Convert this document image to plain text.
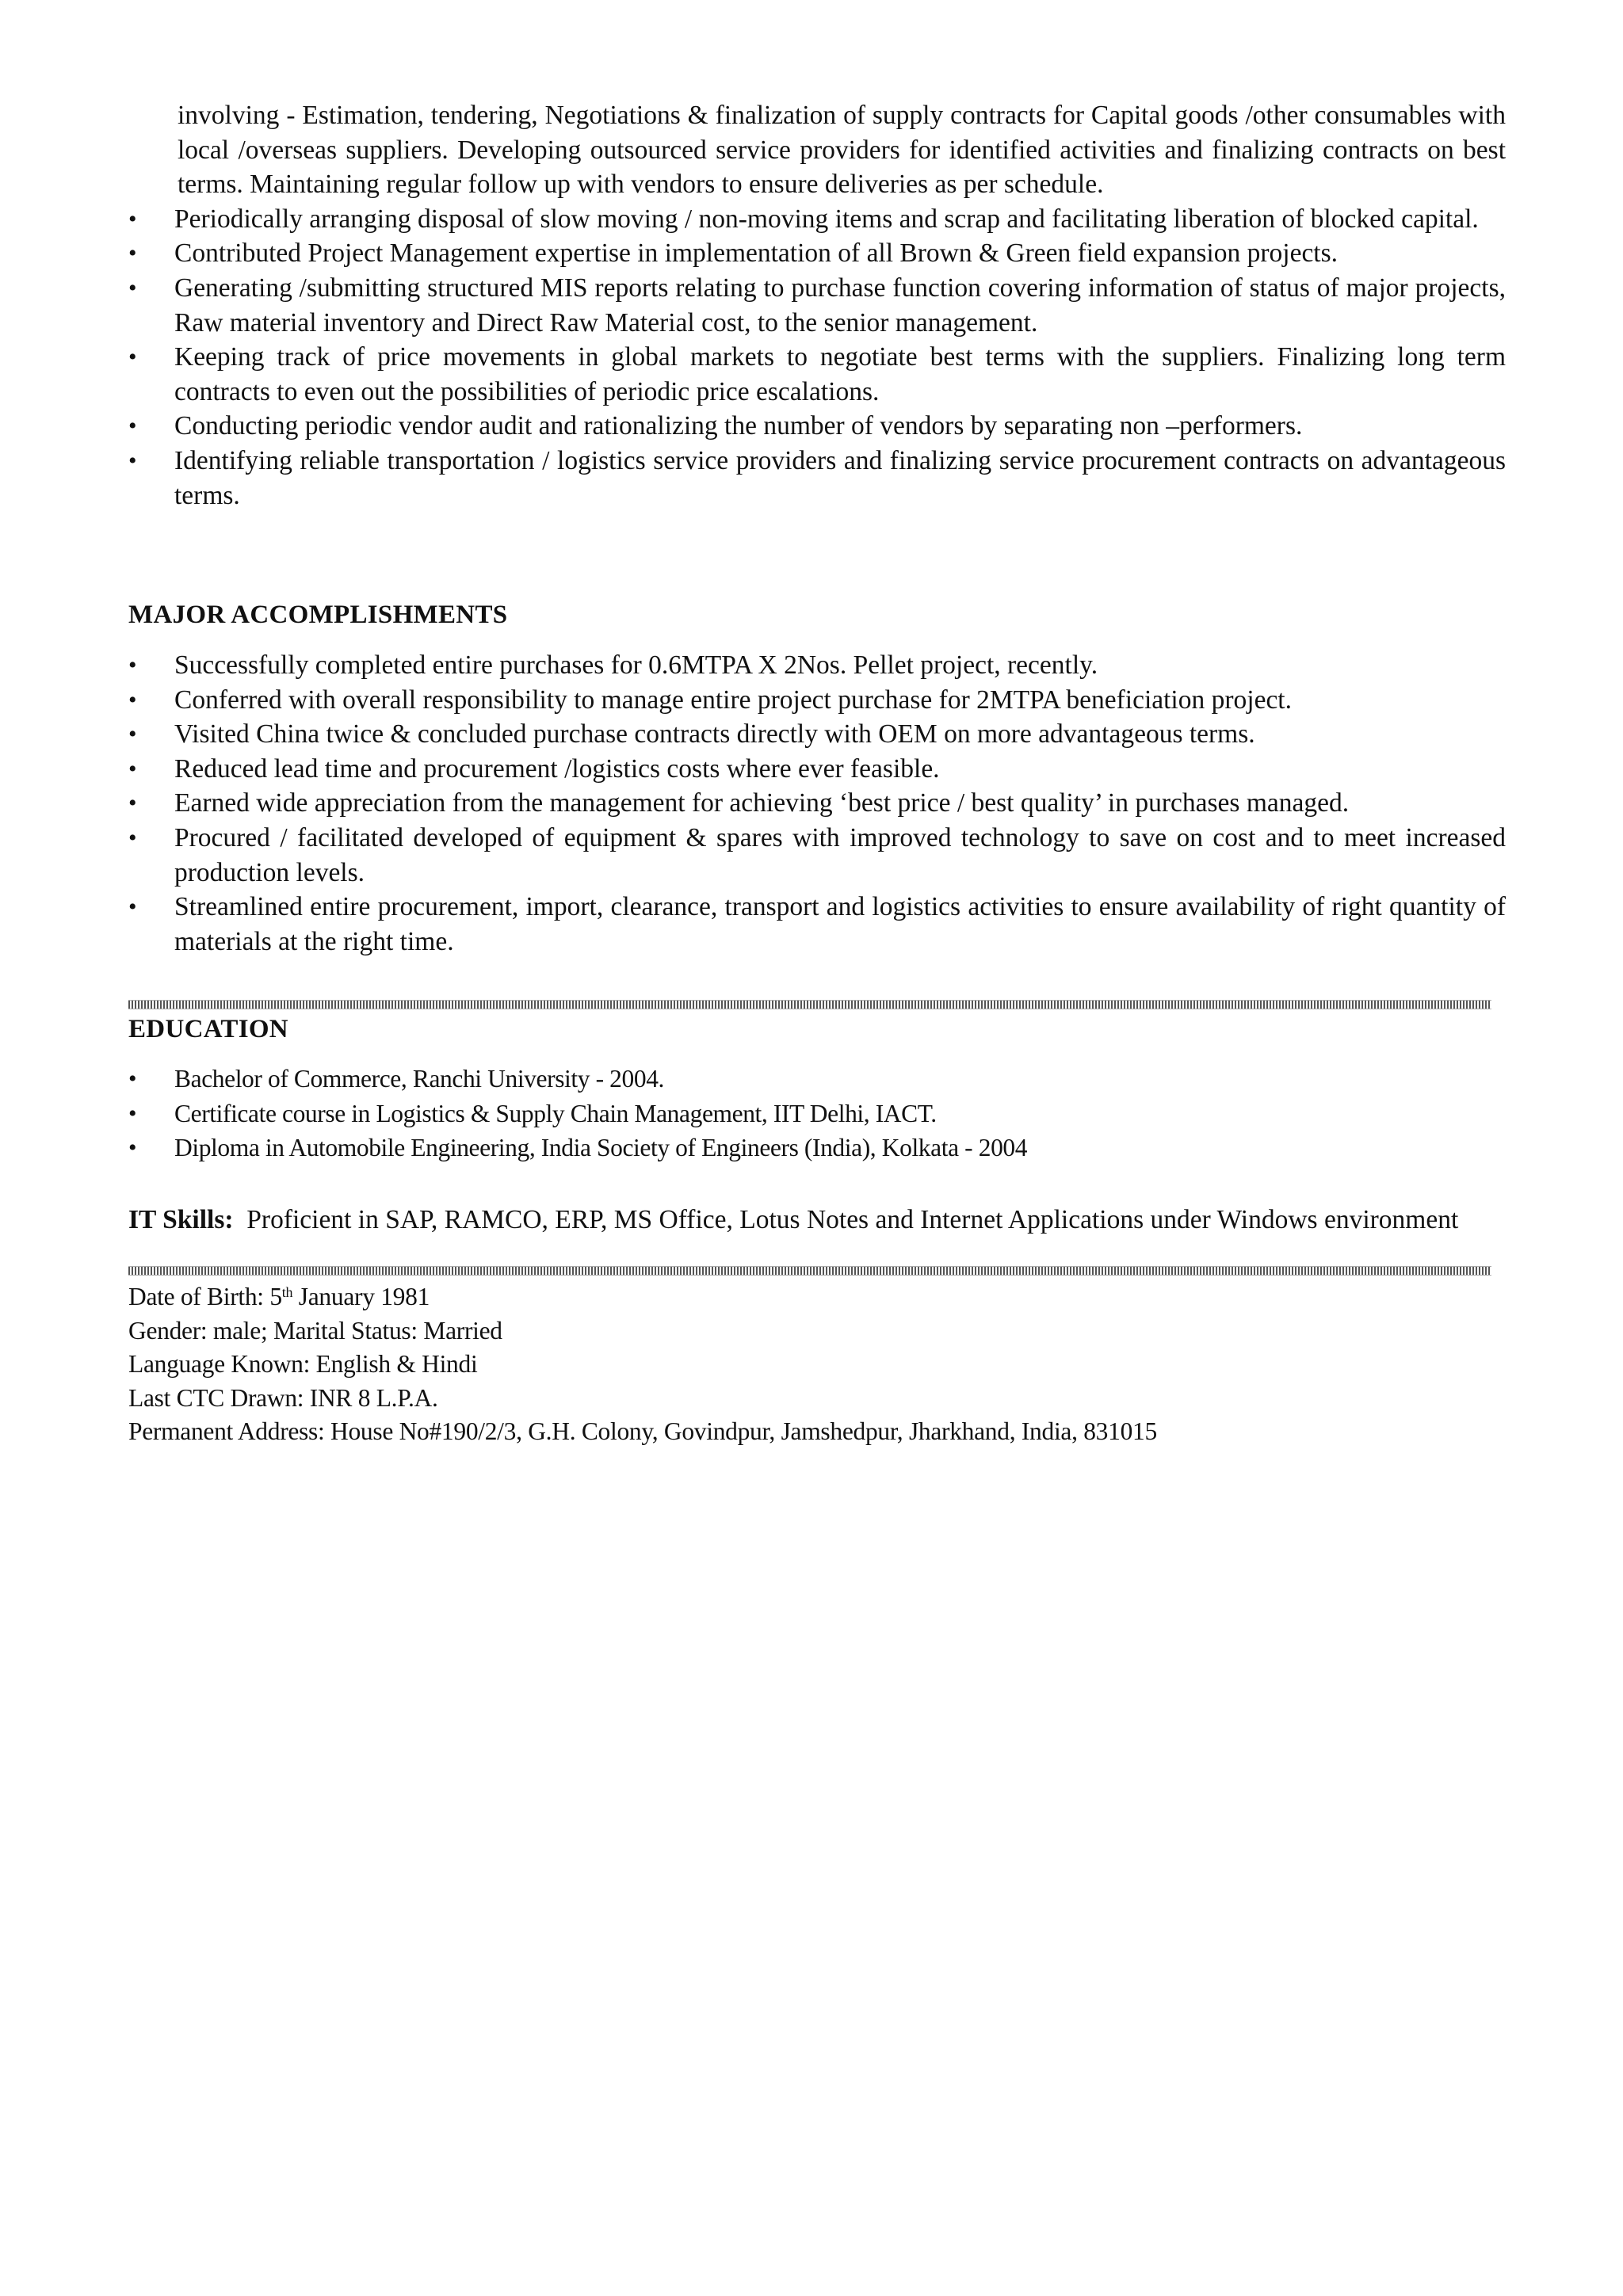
involving - Estimation, tendering, Negotiations & finalization of supply contracts for Capital goods /other consumables with local /overseas suppliers. Developing outsourced service providers for identified activities and finalizing contracts on best terms. Maintaining regular follow up with vendors to ensure deliveries as per schedule.

• Periodically arranging disposal of slow moving / non-moving items and scrap and facilitating liberation of blocked capital.
• Contributed Project Management expertise in implementation of all Brown & Green field expansion projects.
• Generating /submitting structured MIS reports relating to purchase function covering information of status of major projects, Raw material inventory and Direct Raw Material cost, to the senior management.
• Keeping track of price movements in global markets to negotiate best terms with the suppliers. Finalizing long term contracts to even out the possibilities of periodic price escalations.
• Conducting periodic vendor audit and rationalizing the number of vendors by separating non –performers.
• Identifying reliable transportation / logistics service providers and finalizing service procurement contracts on advantageous terms.
MAJOR ACCOMPLISHMENTS
• Successfully completed entire purchases for 0.6MTPA X 2Nos. Pellet project, recently.
• Conferred with overall responsibility to manage entire project purchase for 2MTPA beneficiation project.
• Visited China twice & concluded purchase contracts directly with OEM on more advantageous terms.
• Reduced lead time and procurement /logistics costs where ever feasible.
• Earned wide appreciation from the management for achieving ‘best price / best quality’ in purchases managed.
• Procured / facilitated developed of equipment & spares with improved technology to save on cost and to meet increased production levels.
• Streamlined entire procurement, import, clearance, transport and logistics activities to ensure availability of right quantity of materials at the right time.
EDUCATION
•	Bachelor of Commerce, Ranchi University - 2004.
•	Certificate course in Logistics & Supply Chain Management, IIT Delhi, IACT.
•	Diploma in Automobile Engineering, India Society of Engineers (India), Kolkata - 2004

IT Skills: Proficient in SAP, RAMCO, ERP, MS Office, Lotus Notes and Internet Applications under Windows environment

Date of Birth: 5th January 1981
Gender: male; Marital Status: Married
Language Known: English & Hindi
Last CTC Drawn: INR 8 L.P.A.
Permanent Address: House No#190/2/3, G.H. Colony, Govindpur, Jamshedpur, Jharkhand, India, 831015
